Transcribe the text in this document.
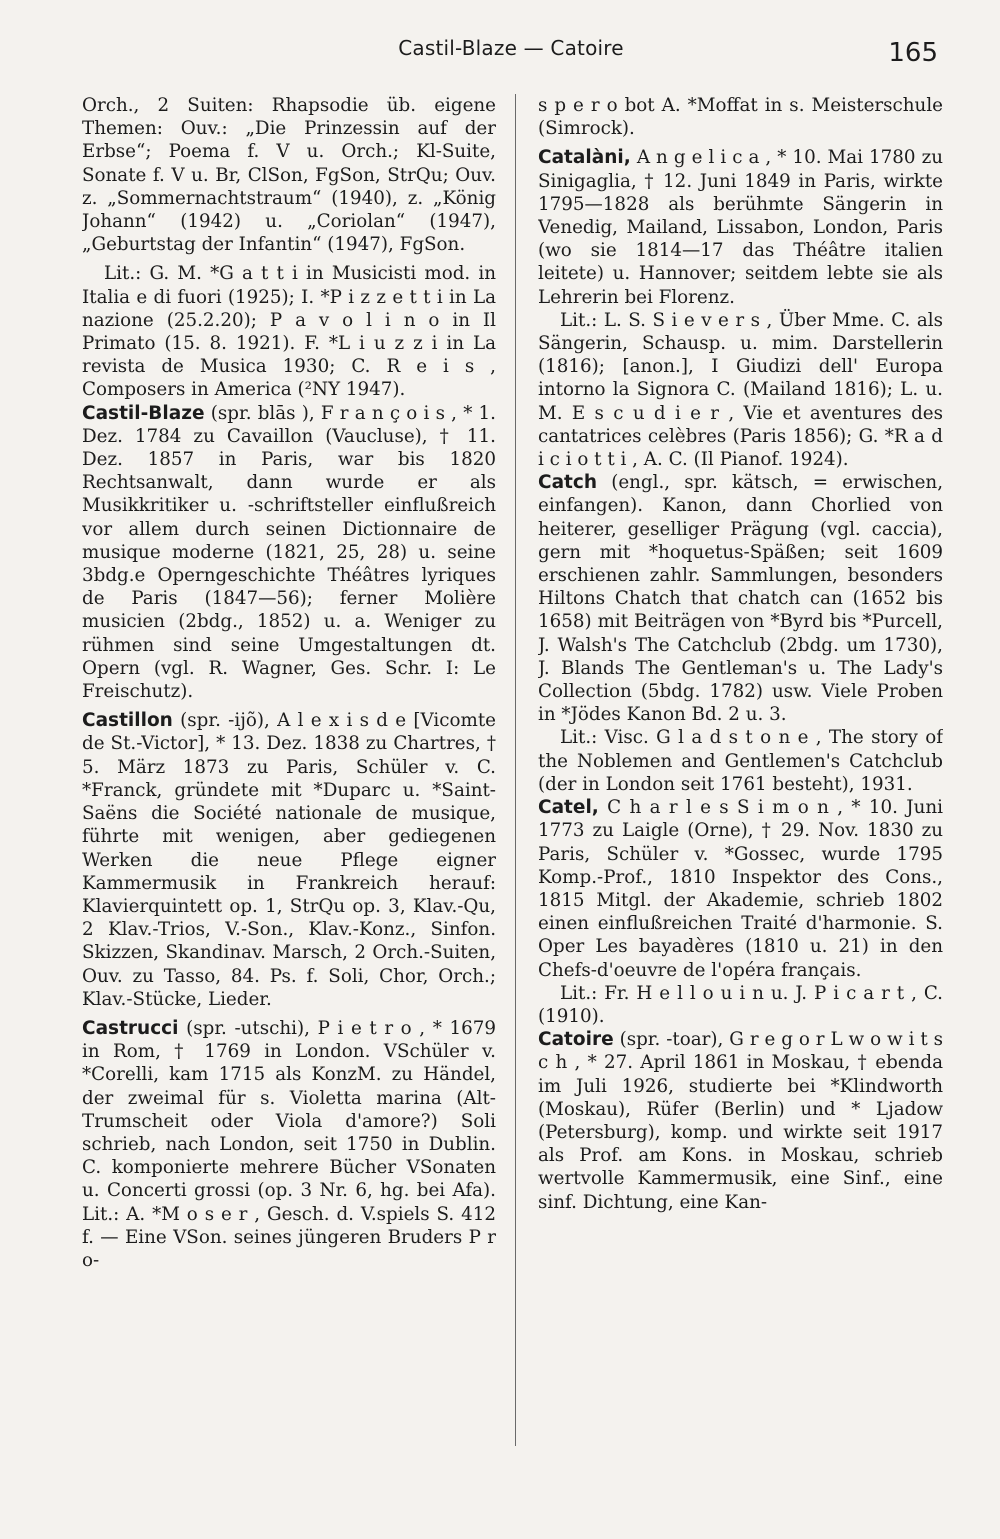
Castil-Blaze — Catoire	165

Orch., 2 Suiten: Rhapsodie üb. eigene Themen: Ouv.: „Die Prinzessin auf der Erbse“; Poema f. V u. Orch.; Kl-Suite, Sonate f. V u. Br, ClSon, FgSon, StrQu; Ouv. z. „Sommernachtstraum“ (1940), z. „König Johann“ (1942) u. „Coriolan“ (1947), „Geburtstag der Infantin“ (1947), FgSon.

Lit.: G. M. *G a t t i in Musicisti mod. in Italia e di fuori (1925); I. *P i z z e t t i in La nazione (25.2.20); P a v o l i n o in Il Primato (15. 8. 1921). F. *L i u z z i in La revista de Musica 1930; C. R e i s , Composers in America (²NY 1947).

Castil-Blaze (spr. blās ), F r a n ç o i s , * 1. Dez. 1784 zu Cavaillon (Vaucluse), † 11. Dez. 1857 in Paris, war bis 1820 Rechtsanwalt, dann wurde er als Musikkritiker u. -schriftsteller einflußreich vor allem durch seinen Dictionnaire de musique moderne (1821, 25, 28) u. seine 3bdg.e Operngeschichte Théâtres lyriques de Paris (1847—56); ferner Molière musicien (2bdg., 1852) u. a. Weniger zu rühmen sind seine Umgestaltungen dt. Opern (vgl. R. Wagner, Ges. Schr. I: Le Freischutz).

Castillon (spr. -ijõ), A l e x i s d e [Vicomte de St.-Victor], * 13. Dez. 1838 zu Chartres, † 5. März 1873 zu Paris, Schüler v. C. *Franck, gründete mit *Duparc u. *Saint-Saëns die Société nationale de musique, führte mit wenigen, aber gediegenen Werken die neue Pflege eigner Kammermusik in Frankreich herauf: Klavierquintett op. 1, StrQu op. 3, Klav.-Qu, 2 Klav.-Trios, V.-Son., Klav.-Konz., Sinfon. Skizzen, Skandinav. Marsch, 2 Orch.-Suiten, Ouv. zu Tasso, 84. Ps. f. Soli, Chor, Orch.; Klav.-Stücke, Lieder.

Castrucci (spr. -utschi), P i e t r o , * 1679 in Rom, † 1769 in London. VSchüler v. *Corelli, kam 1715 als KonzM. zu Händel, der zweimal für s. Violetta marina (Alt-Trumscheit oder Viola d'amore?) Soli schrieb, nach London, seit 1750 in Dublin. C. komponierte mehrere Bücher VSonaten u. Concerti grossi (op. 3 Nr. 6, hg. bei Afa). Lit.: A. *M o s e r , Gesch. d. V.spiels S. 412 f. — Eine VSon. seines jüngeren Bruders P r o-

s p e r o bot A. *Moffat in s. Meisterschule (Simrock).

Catalàni, A n g e l i c a , * 10. Mai 1780 zu Sinigaglia, † 12. Juni 1849 in Paris, wirkte 1795—1828 als berühmte Sängerin in Venedig, Mailand, Lissabon, London, Paris (wo sie 1814—17 das Théâtre italien leitete) u. Hannover; seitdem lebte sie als Lehrerin bei Florenz.

Lit.: L. S. S i e v e r s , Über Mme. C. als Sängerin, Schausp. u. mim. Darstellerin (1816); [anon.], I Giudizi dell' Europa intorno la Signora C. (Mailand 1816); L. u. M. E s c u d i e r , Vie et aventures des cantatrices celèbres (Paris 1856); G. *R a d i c i o t t i , A. C. (Il Pianof. 1924).

Catch (engl., spr. kätsch, = erwischen, einfangen). Kanon, dann Chorlied von heiterer, geselliger Prägung (vgl. caccia), gern mit *hoquetus-Späßen; seit 1609 erschienen zahlr. Sammlungen, besonders Hiltons Chatch that chatch can (1652 bis 1658) mit Beiträgen von *Byrd bis *Purcell, J. Walsh's The Catchclub (2bdg. um 1730), J. Blands The Gentleman's u. The Lady's Collection (5bdg. 1782) usw. Viele Proben in *Jödes Kanon Bd. 2 u. 3.

Lit.: Visc. G l a d s t o n e , The story of the Noblemen and Gentlemen's Catchclub (der in London seit 1761 besteht), 1931.

Catel, C h a r l e s S i m o n , * 10. Juni 1773 zu Laigle (Orne), † 29. Nov. 1830 zu Paris, Schüler v. *Gossec, wurde 1795 Komp.-Prof., 1810 Inspektor des Cons., 1815 Mitgl. der Akademie, schrieb 1802 einen einflußreichen Traité d'harmonie. S. Oper Les bayadères (1810 u. 21) in den Chefs-d'oeuvre de l'opéra français.

Lit.: Fr. H e l l o u i n u. J. P i c a r t , C. (1910).

Catoire (spr. -toar), G r e g o r L w o w i t s c h , * 27. April 1861 in Moskau, † ebenda im Juli 1926, studierte bei *Klindworth (Moskau), Rüfer (Berlin) und * Ljadow (Petersburg), komp. und wirkte seit 1917 als Prof. am Kons. in Moskau, schrieb wertvolle Kammermusik, eine Sinf., eine sinf. Dichtung, eine Kan-
